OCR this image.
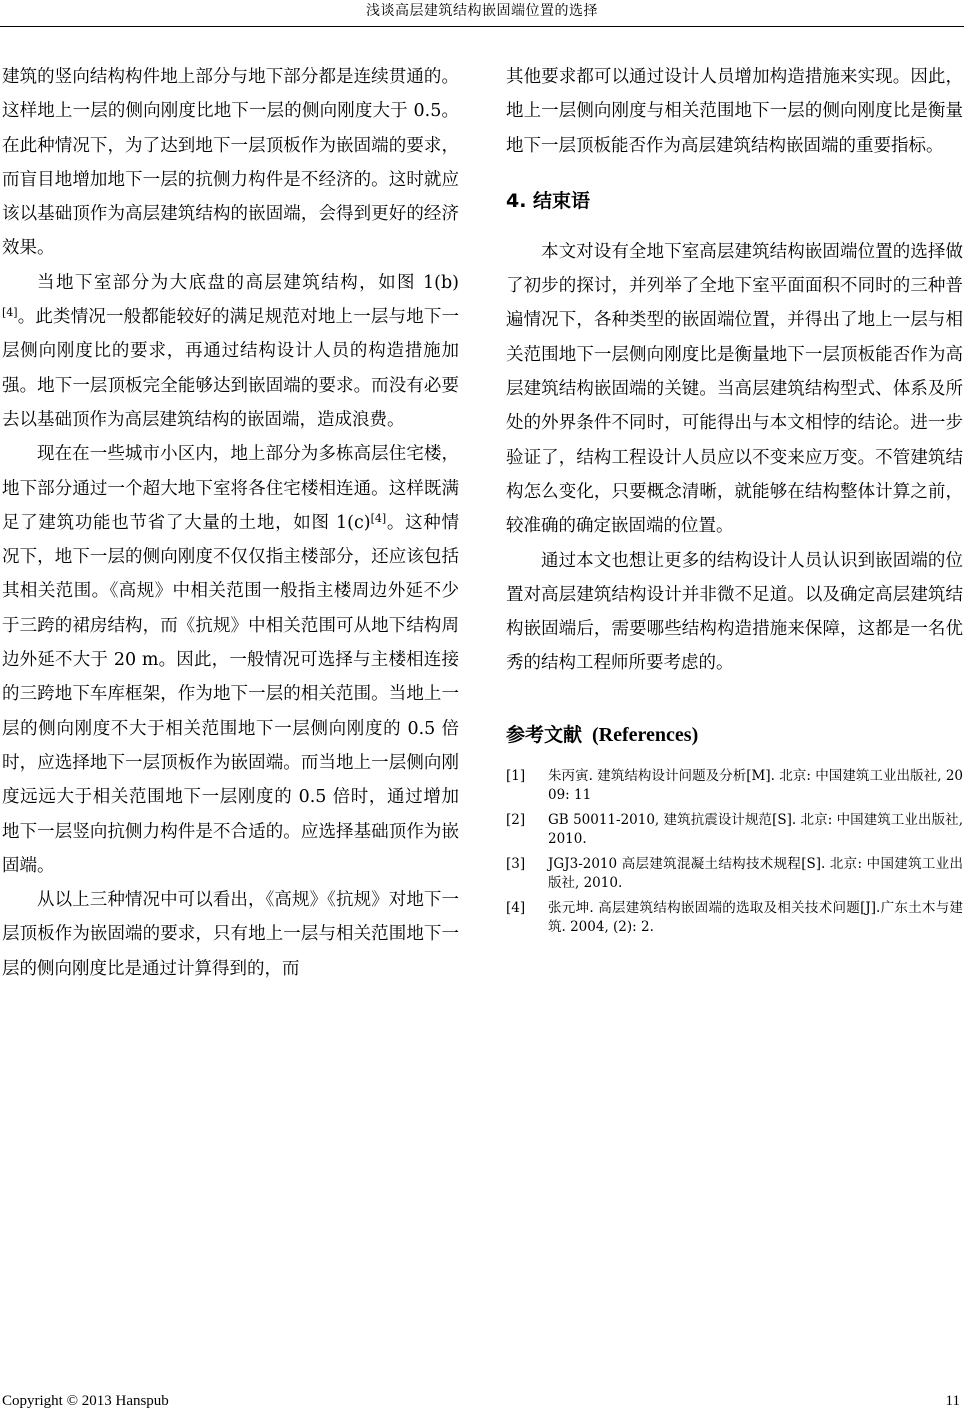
浅谈高层建筑结构嵌固端位置的选择

建筑的竖向结构构件地上部分与地下部分都是连续贯通的。这样地上一层的侧向刚度比地下一层的侧向刚度大于 0.5。在此种情况下，为了达到地下一层顶板作为嵌固端的要求，而盲目地增加地下一层的抗侧力构件是不经济的。这时就应该以基础顶作为高层建筑结构的嵌固端，会得到更好的经济效果。

当地下室部分为大底盘的高层建筑结构，如图 1(b)[4]。此类情况一般都能较好的满足规范对地上一层与地下一层侧向刚度比的要求，再通过结构设计人员的构造措施加强。地下一层顶板完全能够达到嵌固端的要求。而没有必要去以基础顶作为高层建筑结构的嵌固端，造成浪费。

现在在一些城市小区内，地上部分为多栋高层住宅楼，地下部分通过一个超大地下室将各住宅楼相连通。这样既满足了建筑功能也节省了大量的土地，如图 1(c)[4]。这种情况下，地下一层的侧向刚度不仅仅指主楼部分，还应该包括其相关范围。《高规》中相关范围一般指主楼周边外延不少于三跨的裙房结构，而《抗规》中相关范围可从地下结构周边外延不大于 20 m。因此，一般情况可选择与主楼相连接的三跨地下车库框架，作为地下一层的相关范围。当地上一层的侧向刚度不大于相关范围地下一层侧向刚度的 0.5 倍时，应选择地下一层顶板作为嵌固端。而当地上一层侧向刚度远远大于相关范围地下一层刚度的 0.5 倍时，通过增加地下一层竖向抗侧力构件是不合适的。应选择基础顶作为嵌固端。

从以上三种情况中可以看出，《高规》《抗规》对地下一层顶板作为嵌固端的要求，只有地上一层与相关范围地下一层的侧向刚度比是通过计算得到的，而

其他要求都可以通过设计人员增加构造措施来实现。因此，地上一层侧向刚度与相关范围地下一层的侧向刚度比是衡量地下一层顶板能否作为高层建筑结构嵌固端的重要指标。

4. 结束语

本文对设有全地下室高层建筑结构嵌固端位置的选择做了初步的探讨，并列举了全地下室平面面积不同时的三种普遍情况下，各种类型的嵌固端位置，并得出了地上一层与相关范围地下一层侧向刚度比是衡量地下一层顶板能否作为高层建筑结构嵌固端的关键。当高层建筑结构型式、体系及所处的外界条件不同时，可能得出与本文相悖的结论。进一步验证了，结构工程设计人员应以不变来应万变。不管建筑结构怎么变化，只要概念清晰，就能够在结构整体计算之前，较准确的确定嵌固端的位置。

通过本文也想让更多的结构设计人员认识到嵌固端的位置对高层建筑结构设计并非微不足道。以及确定高层建筑结构嵌固端后，需要哪些结构构造措施来保障，这都是一名优秀的结构工程师所要考虑的。

参考文献 (References)
[1]	朱丙寅. 建筑结构设计问题及分析[M]. 北京: 中国建筑工业出版社, 2009: 11
[2]	GB 50011-2010, 建筑抗震设计规范[S]. 北京: 中国建筑工业出版社, 2010.
[3]	JGJ3-2010 高层建筑混凝土结构技术规程[S]. 北京: 中国建筑工业出版社, 2010.
[4]	张元坤. 高层建筑结构嵌固端的选取及相关技术问题[J].广东土木与建筑. 2004, (2): 2.
Copyright © 2013 Hanspub	11
